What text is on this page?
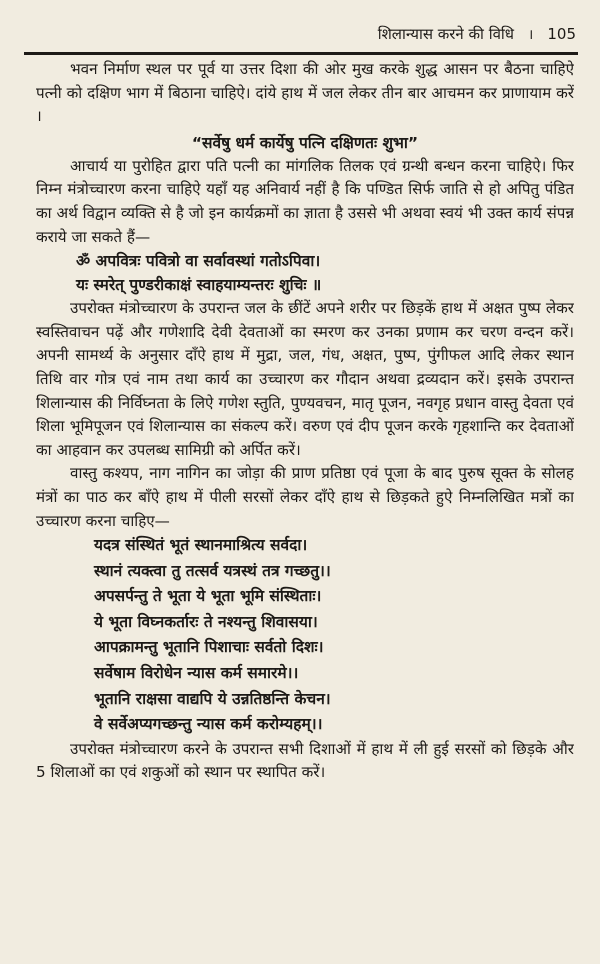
शिलान्यास करने की विधि । 105

भवन निर्माण स्थल पर पूर्व या उत्तर दिशा की ओर मुख करके शुद्ध आसन पर बैठना चाहिऐ पत्नी को दक्षिण भाग में बिठाना चाहिऐ। दांये हाथ में जल लेकर तीन बार आचमन कर प्राणायाम करें ।

“सर्वेषु धर्म कार्येषु पत्नि दक्षिणतः शुभा”

आचार्य या पुरोहित द्वारा पति पत्नी का मांगलिक तिलक एवं ग्रन्थी बन्धन करना चाहिऐ। फिर निम्न मंत्रोच्चारण करना चाहिऐ यहाँ यह अनिवार्य नहीं है कि पण्डित सिर्फ जाति से हो अपितु पंडित का अर्थ विद्वान व्यक्ति से है जो इन कार्यक्रमों का ज्ञाता है उससे भी अथवा स्वयं भी उक्त कार्य संपन्न कराये जा सकते हैं—

ॐ अपवित्रः पवित्रो वा सर्वावस्थां गतोऽपिवा।

यः स्मरेत् पुण्डरीकाक्षं स्वाहयाम्यन्तरः शुचिः ॥

उपरोक्त मंत्रोच्चारण के उपरान्त जल के छींटें अपने शरीर पर छिड़कें हाथ में अक्षत पुष्प लेकर स्वस्तिवाचन पढ़ें और गणेशादि देवी देवताओं का स्मरण कर उनका प्रणाम कर चरण वन्दन करें। अपनी सामर्थ्य के अनुसार दाँऐ हाथ में मुद्रा, जल, गंध, अक्षत, पुष्प, पुंगीफल आदि लेकर स्थान तिथि वार गोत्र एवं नाम तथा कार्य का उच्चारण कर गौदान अथवा द्रव्यदान करें। इसके उपरान्त शिलान्यास की निर्विघ्नता के लिऐ गणेश स्तुति, पुण्यवचन, मातृ पूजन, नवगृह प्रधान वास्तु देवता एवं शिला भूमिपूजन एवं शिलान्यास का संकल्प करें। वरुण एवं दीप पूजन करके गृहशान्ति कर देवताओं का आहवान कर उपलब्ध सामिग्री को अर्पित करें।

वास्तु कश्यप, नाग नागिन का जोड़ा की प्राण प्रतिष्ठा एवं पूजा के बाद पुरुष सूक्त के सोलह मंत्रों का पाठ कर बाँऐ हाथ में पीली सरसों लेकर दाँऐ हाथ से छिड़कते हुऐ निम्नलिखित मत्रों का उच्चारण करना चाहिए—

यदत्र संस्थितं भूतं स्थानमाश्रित्य सर्वदा।

स्थानं त्यक्त्वा तु तत्सर्व यत्रस्थं तत्र गच्छतु।।

अपसर्पन्तु ते भूता ये भूता भूमि संस्थिताः।

ये भूता विघ्नकर्तारः ते नश्यन्तु शिवासया।

आपक्रामन्तु भूतानि पिशाचाः सर्वतो दिशः।

सर्वेषाम विरोधेन न्यास कर्म समारमे।।

भूतानि राक्षसा वाद्यपि ये उन्नतिष्ठन्ति केचन।

वे सर्वेअप्यगच्छन्तु न्यास कर्म करोम्यहम्।।

उपरोक्त मंत्रोच्चारण करने के उपरान्त सभी दिशाओं में हाथ में ली हुई सरसों को छिड़के और 5 शिलाओं का एवं शकुओं को स्थान पर स्थापित करें।
